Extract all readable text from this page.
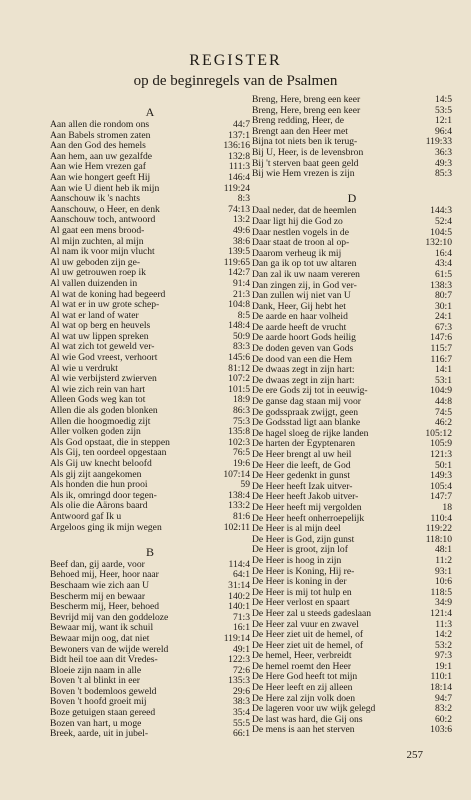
REGISTER
op de beginregels van de Psalmen
A
Aan allen die rondom ons	44:7
Aan Babels stromen zaten	137:1
Aan den God des hemels	136:16
Aan hem, aan uw gezalfde	132:8
Aan wie Hem vrezen gaf	111:3
Aan wie hongert geeft Hij	146:4
Aan wie U dient heb ik mijn	119:24
Aanschouw ik 's nachts	8:3
Aanschouw, o Heer, en denk	74:13
Aanschouw toch, antwoord	13:2
Al gaat een mens brood-	49:6
Al mijn zuchten, al mijn	38:6
Al nam ik voor mijn vlucht	139:5
Al uw geboden zijn ge-	119:65
Al uw getrouwen roep ik	142:7
Al vallen duizenden in	91:4
Al wat de koning had begeerd	21:3
Al wat er in uw grote schep-	104:8
Al wat er land of water	8:5
Al wat op berg en heuvels	148:4
Al wat uw lippen spreken	50:9
Al wat zich tot geweld ver-	83:3
Al wie God vreest, verhoort	145:6
Al wie u verdrukt	81:12
Al wie verbijsterd zwierven	107:2
Al wie zich rein van hart	101:5
Alleen Gods weg kan tot	18:9
Allen die als goden blonken	86:3
Allen die hoogmoedig zijt	75:3
Aller volken goden zijn	135:8
Als God opstaat, die in steppen	102:3
Als Gij, ten oordeel opgestaan	76:5
Als Gij uw knecht beloofd	19:6
Als gij zijt aangekomen	107:14
Als honden die hun prooi	59
Als ik, omringd door tegen-	138:4
Als olie die Aärons baard	133:2
Antwoord gaf Ik u	81:6
Argeloos ging ik mijn wegen	102:11
B
Beef dan, gij aarde, voor	114:4
Behoed mij, Heer, hoor naar	64:1
Beschaam wie zich aan U	31:14
Bescherm mij en bewaar	140:2
Bescherm mij, Heer, behoed	140:1
Bevrijd mij van den goddeloze	71:3
Bewaar mij, want ik schuil	16:1
Bewaar mijn oog, dat niet	119:14
Bewoners van de wijde wereld	49:1
Bidt heil toe aan dit Vredes-	122:3
Bloeie zijn naam in alle	72:6
Boven 't al blinkt in eer	135:3
Boven 't bodemloos geweld	29:6
Boven 't hoofd groeit mij	38:3
Boze getuigen staan gereed	35:4
Bozen van hart, u moge	55:5
Breek, aarde, uit in jubel-	66:1
Breng, Here, breng een keer	14:5
Breng, Here, breng een keer	53:5
Breng redding, Heer, de	12:1
Brengt aan den Heer met	96:4
Bijna tot niets ben ik terug-	119:33
Bij U, Heer, is de levensbron	36:3
Bij 't sterven baat geen geld	49:3
Bij wie Hem vrezen is zijn	85:3
D
Daal neder, dat de heemlen	144:3
Daar ligt hij die God zo	52:4
Daar nestlen vogels in de	104:5
Daar staat de troon al op-	132:10
Daarom verheug ik mij	16:4
Dan ga ik op tot uw altaren	43:4
Dan zal ik uw naam vereren	61:5
Dan zingen zij, in God ver-	138:3
Dan zullen wij niet van U	80:7
Dank, Heer, Gij hebt het	30:1
De aarde en haar volheid	24:1
De aarde heeft de vrucht	67:3
De aarde hoort Gods heilig	147:6
De doden geven van Gods	115:7
De dood van een die Hem	116:7
De dwaas zegt in zijn hart:	14:1
De dwaas zegt in zijn hart:	53:1
De ere Gods zij tot in eeuwig-	104:9
De ganse dag staan mij voor	44:8
De godsspraak zwijgt, geen	74:5
De Godsstad ligt aan blanke	46:2
De hagel sloeg de rijke landen	105:12
De harten der Egyptenaren	105:9
De Heer brengt al uw heil	121:3
De Heer die leeft, de God	50:1
De Heer gedenkt in gunst	149:3
De Heer heeft Izak uitver-	105:4
De Heer heeft Jakob uitver-	147:7
De Heer heeft mij vergolden	18
De Heer heeft onherroepelijk	110:4
De Heer is al mijn deel	119:22
De Heer is God, zijn gunst	118:10
De Heer is groot, zijn lof	48:1
De Heer is hoog in zijn	11:2
De Heer is Koning, Hij re-	93:1
De Heer is koning in der	10:6
De Heer is mij tot hulp en	118:5
De Heer verlost en spaart	34:9
De Heer zal u steeds gadeslaan	121:4
De Heer zal vuur en zwavel	11:3
De Heer ziet uit de hemel, of	14:2
De Heer ziet uit de hemel, of	53:2
De hemel, Heer, verbreidt	97:3
De hemel roemt den Heer	19:1
De Here God heeft tot mijn	110:1
De Heer leeft en zij alleen	18:14
De Here zal zijn volk doen	94:7
De lageren voor uw wijk gelegd	83:2
De last was hard, die Gij ons	60:2
De mens is aan het sterven	103:6
257
